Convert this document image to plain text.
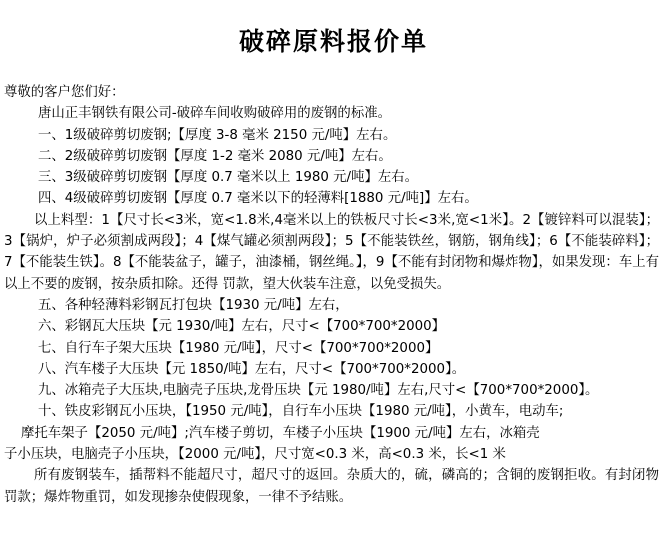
破碎原料报价单
尊敬的客户您们好：
唐山正丰钢铁有限公司-破碎车间收购破碎用的废钢的标准。
一、1级破碎剪切废钢;【厚度 3-8 毫米 2150 元/吨】左右。
二、2级破碎剪切废钢【厚度 1-2 毫米 2080 元/吨】左右。
三、3级破碎剪切废钢【厚度 0.7 毫米以上 1980 元/吨】左右。
四、4级破碎剪切废钢【厚度 0.7 毫米以下的轻薄料[1880 元/吨]】左右。
以上料型：1【尺寸长<3米，宽<1.8米,4毫米以上的铁板尺寸长<3米,宽<1米】。2【镀锌料可以混装】；3【锅炉，炉子必须割成两段】；4【煤气罐必须割两段】；5【不能装铁丝，钢筋，钢角线】；6【不能装碎料】；7【不能装生铁】。8【不能装盆子，罐子，油漆桶，钢丝绳。】，9【不能有封闭物和爆炸物】，如果发现：车上有以上不要的废钢，按杂质扣除。还得 罚款，望大伙装车注意，以免受损失。
五、各种轻薄料彩钢瓦打包块【1930 元/吨】左右，
六、彩钢瓦大压块【元 1930/吨】左右，尺寸<【700*700*2000】
七、自行车子架大压块【1980 元/吨】，尺寸<【700*700*2000】
八、汽车楼子大压块【元 1850/吨】左右，尺寸<【700*700*2000】。
九、冰箱壳子大压块,电脑壳子压块,龙骨压块【元 1980/吨】左右,尺寸<【700*700*2000】。
十、铁皮彩钢瓦小压块，【1950 元/吨】，自行车小压块【1980 元/吨】，小黄车，电动车;
摩托车架子【2050 元/吨】;汽车楼子剪切，车楼子小压块【1900 元/吨】左右，冰箱壳
子小压块，电脑壳子小压块，【2000 元/吨】，尺寸宽<0.3 米，高<0.3 米，长<1 米
所有废钢装车，插帮料不能超尺寸，超尺寸的返回。杂质大的，硫，磷高的；含铜的废钢拒收。有封闭物罚款；爆炸物重罚，如发现掺杂使假现象，一律不予结账。
